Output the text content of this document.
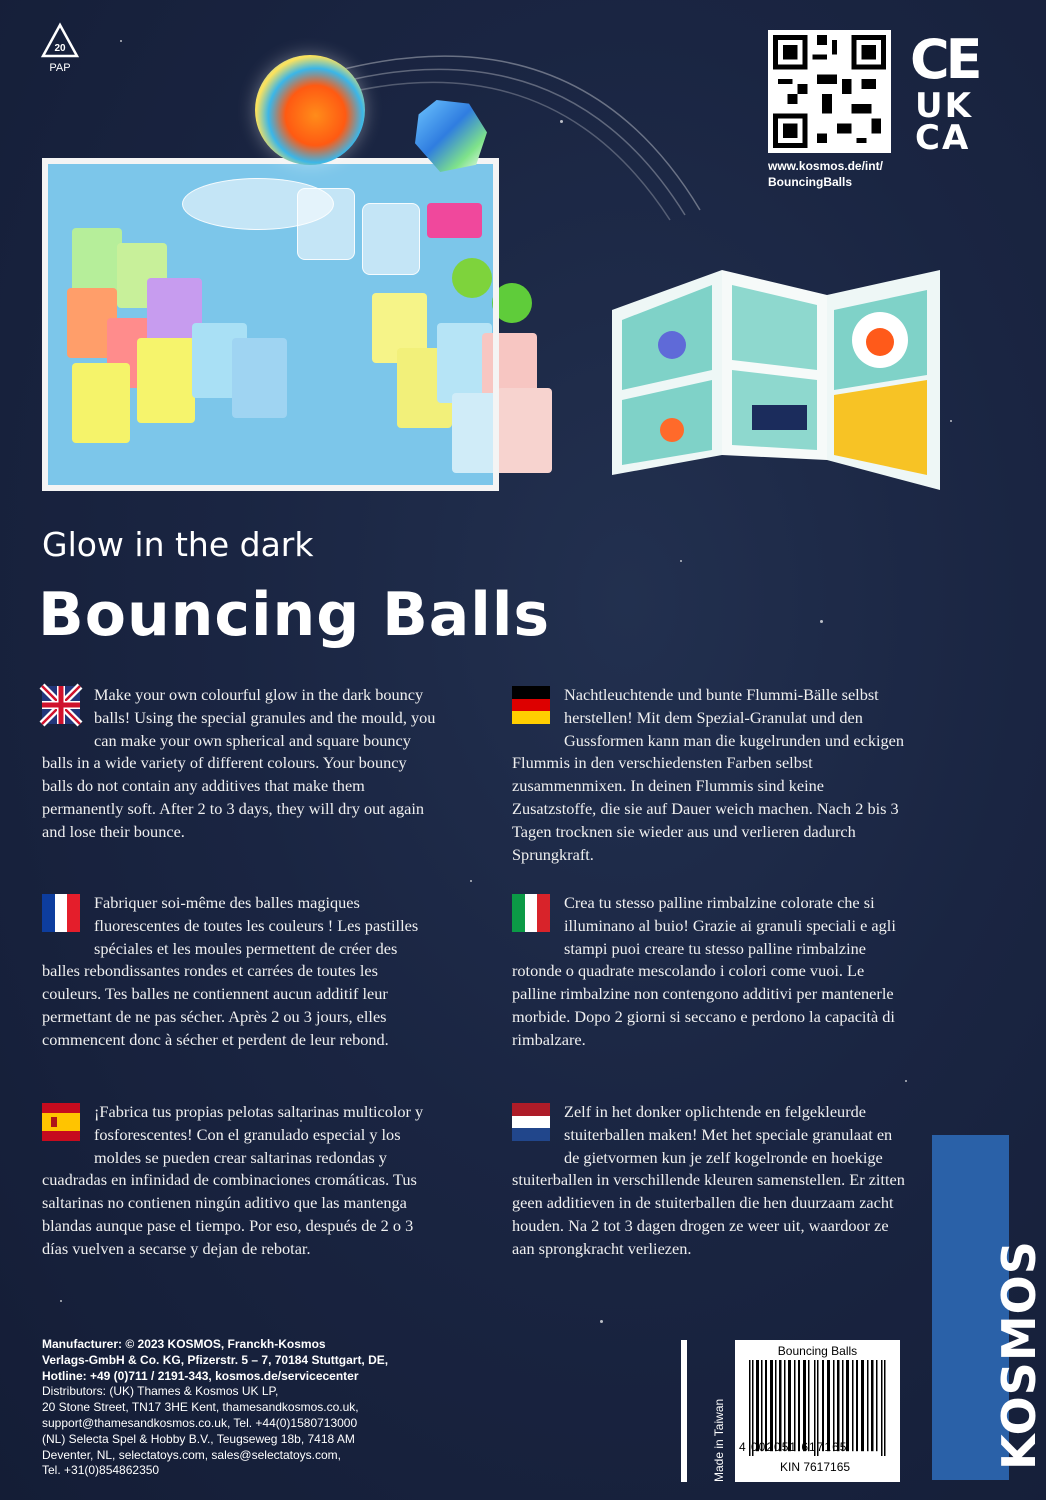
20
PAP
www.kosmos.de/int/
BouncingBalls
CE
UK
CA
Glow in the dark
Bouncing Balls
Make your own colourful glow in the dark bouncy balls! Using the special granules and the mould, you can make your own spherical and square bouncy balls in a wide variety of different colours. Your bouncy balls do not contain any additives that make them permanently soft. After 2 to 3 days, they will dry out again and lose their bounce.
Nachtleuchtende und bunte Flummi-Bälle selbst herstellen! Mit dem Spezial-Granulat und den Gussformen kann man die kugelrunden und eckigen Flummis in den verschiedensten Farben selbst zusammenmixen. In deinen Flummis sind keine Zusatzstoffe, die sie auf Dauer weich machen. Nach 2 bis 3 Tagen trocknen sie wieder aus und verlieren dadurch Sprungkraft.
Fabriquer soi-même des balles magiques fluorescentes de toutes les couleurs ! Les pastilles spéciales et les moules permettent de créer des balles rebondissantes rondes et carrées de toutes les couleurs. Tes balles ne contiennent aucun additif leur permettant de ne pas sécher. Après 2 ou 3 jours, elles commencent donc à sécher et perdent de leur rebond.
Crea tu stesso palline rimbalzine colorate che si illuminano al buio! Grazie ai granuli speciali e agli stampi puoi creare tu stesso palline rimbalzine rotonde o quadrate mescolando i colori come vuoi. Le palline rimbalzine non contengono additivi per mantenerle morbide. Dopo 2 giorni si seccano e perdono la capacità di rimbalzare.
¡Fabrica tus propias pelotas saltarinas multicolor y fosforescentes! Con el granulado especial y los moldes se pueden crear saltarinas redondas y cuadradas en infinidad de combinaciones cromáticas. Tus saltarinas no contienen ningún aditivo que las mantenga blandas aunque pase el tiempo. Por eso, después de 2 o 3 días vuelven a secarse y dejan de rebotar.
Zelf in het donker oplichtende en felgekleurde stuiterballen maken! Met het speciale granulaat en de gietvormen kun je zelf kogelronde en hoekige stuiterballen in verschillende kleuren samenstellen. Er zitten geen additieven in de stuiterballen die hen duurzaam zacht houden. Na 2 tot 3 dagen drogen ze weer uit, waardoor ze aan sprongkracht verliezen.
Manufacturer: © 2023 KOSMOS, Franckh-Kosmos
Verlags-GmbH & Co. KG, Pfizerstr. 5 – 7, 70184 Stuttgart, DE,
Hotline: +49 (0)711 / 2191-343, kosmos.de/servicecenter
Distributors: (UK) Thames & Kosmos UK LP,
20 Stone Street, TN17 3HE Kent, thamesandkosmos.co.uk,
support@thamesandkosmos.co.uk, Tel. +44(0)1580713000
(NL) Selecta Spel & Hobby B.V., Teugseweg 18b, 7418 AM
Deventer, NL, selectatoys.com, sales@selectatoys.com,
Tel. +31(0)854862350	Made in Taiwan
Bouncing Balls
4 002051 617165
KIN 7617165	KOSMOS
